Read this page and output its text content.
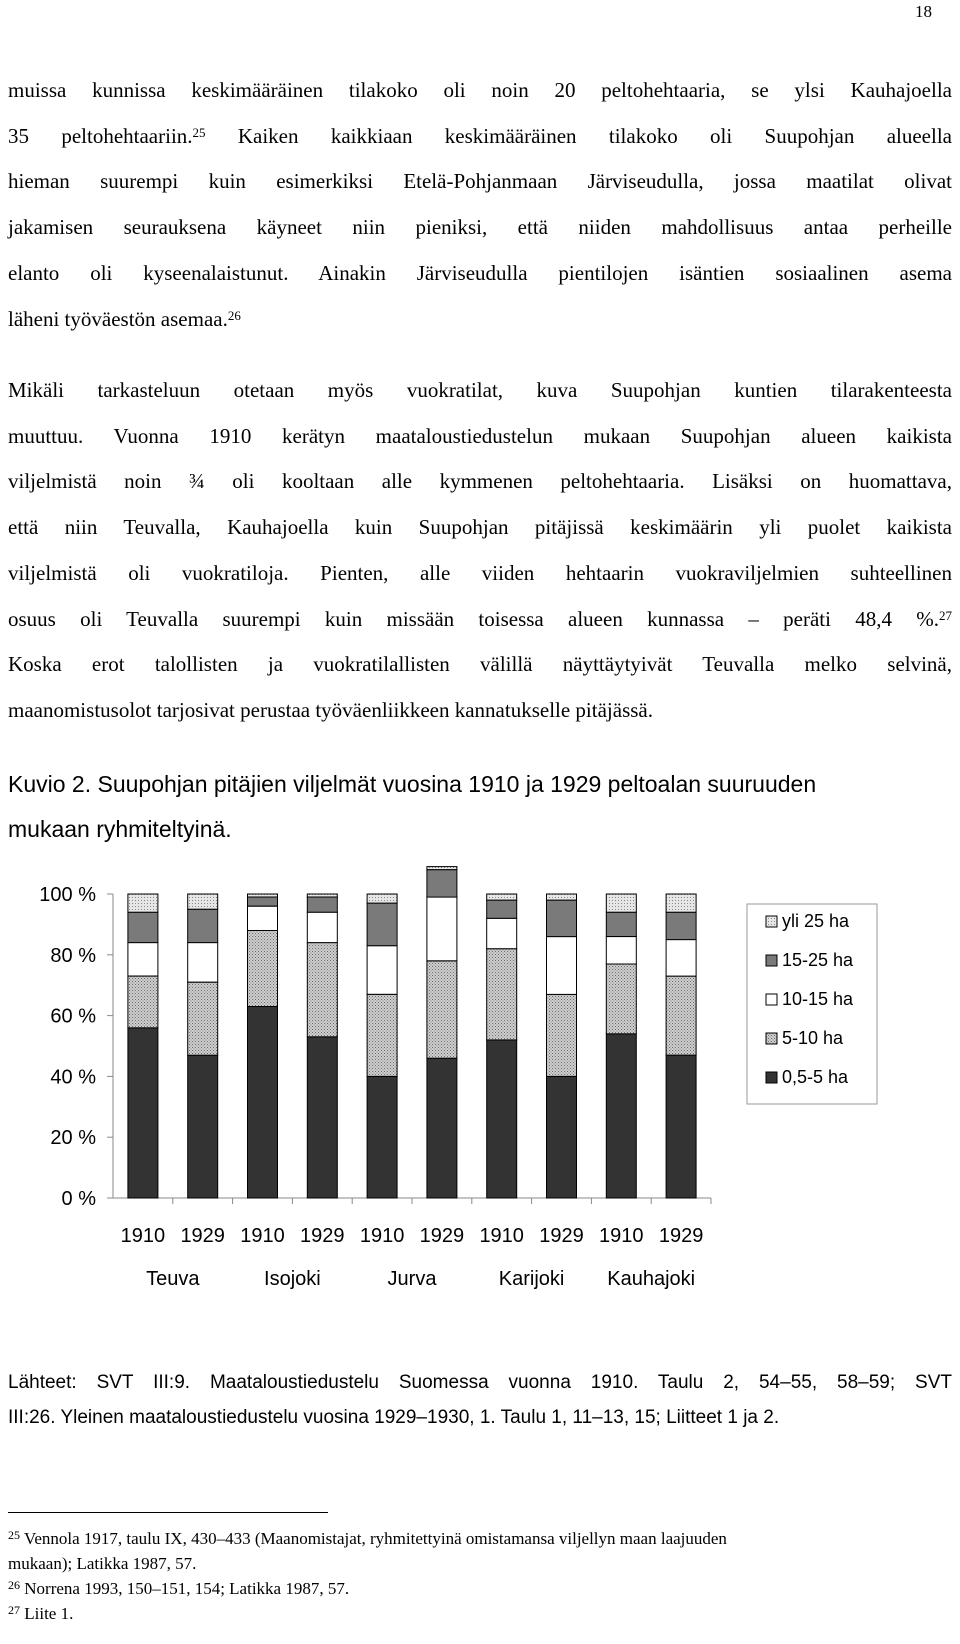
18

muissa kunnissa keskimääräinen tilakoko oli noin 20 peltohehtaaria, se ylsi Kauhajoella
35 peltohehtaariin.$^{25}$ Kaiken kaikkiaan keskimääräinen tilakoko oli Suupohjan alueella
hieman suurempi kuin esimerkiksi Etelä-Pohjanmaan Järviseudulla, jossa maatilat olivat
jakamisen seurauksena käyneet niin pieniksi, että niiden mahdollisuus antaa perheille
elanto oli kyseenalaistunut. Ainakin Järviseudulla pientilojen isäntien sosiaalinen asema
läheni työväestön asemaa.$^{26}$

Mikäli tarkasteluun otetaan myös vuokratilat, kuva Suupohjan kuntien tilarakenteesta
muuttuu. Vuonna 1910 kerätyn maataloustiedustelun mukaan Suupohjan alueen kaikista
viljelmistä noin ¾ oli kooltaan alle kymmenen peltohehtaaria. Lisäksi on huomattava,
että niin Teuvalla, Kauhajoella kuin Suupohjan pitäjissä keskimäärin yli puolet kaikista
viljelmistä oli vuokratiloja. Pienten, alle viiden hehtaarin vuokraviljelmien suhteellinen
osuus oli Teuvalla suurempi kuin missään toisessa alueen kunnassa – peräti 48,4 %.$^{27}$
Koska erot talollisten ja vuokratilallisten välillä näyttäytyivät Teuvalla melko selvinä,
maanomistusolot tarjosivat perustaa työväenliikkeen kannatukselle pitäjässä.

Kuvio 2. Suupohjan pitäjien viljelmät vuosina 1910 ja 1929 peltoalan suuruuden
mukaan ryhmiteltyinä.
100 %
80 %
60 %
40 %
20 %
0 %
1910 1929 1910 1929 1910 1929 1910 1929 1910 1929
Teuva	Isojoki	Jurva	Karijoki Kauhajoki
yli 25 ha
15-25 ha
10-15 ha
5-10 ha
0,5-5 ha
Lähteet: SVT III:9. Maataloustiedustelu Suomessa vuonna 1910. Taulu 2, 54–55, 58–59; SVT
III:26. Yleinen maataloustiedustelu vuosina 1929–1930, 1. Taulu 1, 11–13, 15; Liitteet 1 ja 2.
$^{25}$ Vennola 1917, taulu IX, 430–433 (Maanomistajat, ryhmitettyinä omistamansa viljellyn maan laajuuden
mukaan); Latikka 1987, 57.
$^{26}$ Norrena 1993, 150–151, 154; Latikka 1987, 57.
$^{27}$ Liite 1.
